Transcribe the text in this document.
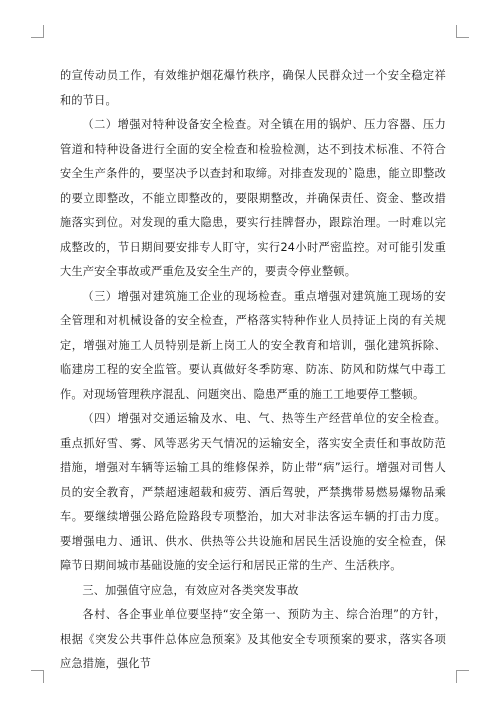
的宣传动员工作，有效维护烟花爆竹秩序，确保人民群众过一个安全稳定祥和的节日。

（二）增强对特种设备安全检查。对全镇在用的锅炉、压力容器、压力管道和特种设备进行全面的安全检查和检验检测，达不到技术标准、不符合安全生产条件的，要坚决予以查封和取缔。对排查发现的`隐患，能立即整改的要立即整改，不能立即整改的，要限期整改，并确保责任、资金、整改措施落实到位。对发现的重大隐患，要实行挂牌督办，跟踪治理。一时难以完成整改的，节日期间要安排专人盯守，实行24小时严密监控。对可能引发重大生产安全事故或严重危及安全生产的，要责令停业整顿。

（三）增强对建筑施工企业的现场检查。重点增强对建筑施工现场的安全管理和对机械设备的安全检查，严格落实特种作业人员持证上岗的有关规定，增强对施工人员特别是新上岗工人的安全教育和培训，强化建筑拆除、临建房工程的安全监管。要认真做好冬季防寒、防冻、防风和防煤气中毒工作。对现场管理秩序混乱、问题突出、隐患严重的施工工地要停工整顿。

（四）增强对交通运输及水、电、气、热等生产经营单位的安全检查。重点抓好雪、雾、风等恶劣天气情况的运输安全，落实安全责任和事故防范措施，增强对车辆等运输工具的维修保养，防止带“病”运行。增强对司售人员的安全教育，严禁超速超载和疲劳、酒后驾驶，严禁携带易燃易爆物品乘车。要继续增强公路危险路段专项整治，加大对非法客运车辆的打击力度。要增强电力、通讯、供水、供热等公共设施和居民生活设施的安全检查，保障节日期间城市基础设施的安全运行和居民正常的生产、生活秩序。

三、加强值守应急，有效应对各类突发事故

各村、各企事业单位要坚持“安全第一、预防为主、综合治理”的方针，根据《突发公共事件总体应急预案》及其他安全专项预案的要求，落实各项应急措施，强化节
